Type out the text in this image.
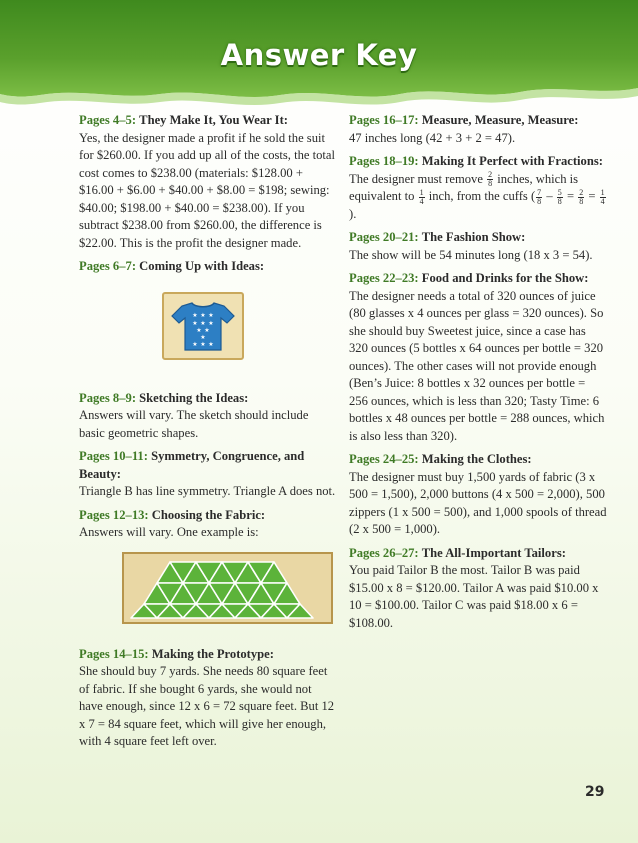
Answer Key
Pages 4–5: They Make It, You Wear It:
Yes, the designer made a profit if he sold the suit for $260.00. If you add up all of the costs, the total cost comes to $238.00 (materials: $128.00 + $16.00 + $6.00 + $40.00 + $8.00 = $198; sewing: $40.00; $198.00 + $40.00 = $238.00). If you subtract $238.00 from $260.00, the difference is $22.00. This is the profit the designer made.
Pages 6–7: Coming Up with Ideas:
★ ★ ★
★ ★ ★
★ ★
★
★ ★ ★
Pages 8–9: Sketching the Ideas:
Answers will vary. The sketch should include basic geometric shapes.
Pages 10–11: Symmetry, Congruence, and Beauty:
Triangle B has line symmetry. Triangle A does not.
Pages 12–13: Choosing the Fabric:
Answers will vary. One example is:
Pages 14–15: Making the Prototype:
She should buy 7 yards. She needs 80 square feet of fabric. If she bought 6 yards, she would not have enough, since 12 x 6 = 72 square feet. But 12 x 7 = 84 square feet, which will give her enough, with 4 square feet left over.
Pages 16–17: Measure, Measure, Measure:
47 inches long (42 + 3 + 2 = 47).
Pages 18–19: Making It Perfect with Fractions:
The designer must remove $\frac{2}{8}$ inches, which is equivalent to $\frac{1}{4}$ inch, from the cuffs ( $\frac{7}{8} - \frac{5}{8} = \frac{2}{8} = \frac{1}{4}$
).
Pages 20–21: The Fashion Show:
The show will be 54 minutes long (18 x 3 = 54).
Pages 22–23: Food and Drinks for the Show:
The designer needs a total of 320 ounces of juice (80 glasses x 4 ounces per glass = 320 ounces). So she should buy Sweetest juice, since a case has 320 ounces (5 bottles x 64 ounces per bottle = 320 ounces). The other cases will not provide enough (Ben’s Juice: 8 bottles x 32 ounces per bottle = 256 ounces, which is less than 320; Tasty Time: 6 bottles x 48 ounces per bottle = 288 ounces, which is also less than 320).
Pages 24–25: Making the Clothes:
The designer must buy 1,500 yards of fabric (3 x 500 = 1,500), 2,000 buttons (4 x 500 = 2,000), 500 zippers (1 x 500 = 500), and 1,000 spools of thread (2 x 500 = 1,000).
Pages 26–27: The All-Important Tailors:
You paid Tailor B the most. Tailor B was paid $15.00 x 8 = $120.00. Tailor A was paid $10.00 x 10 = $100.00. Tailor C was paid $18.00 x 6 = $108.00.
29
